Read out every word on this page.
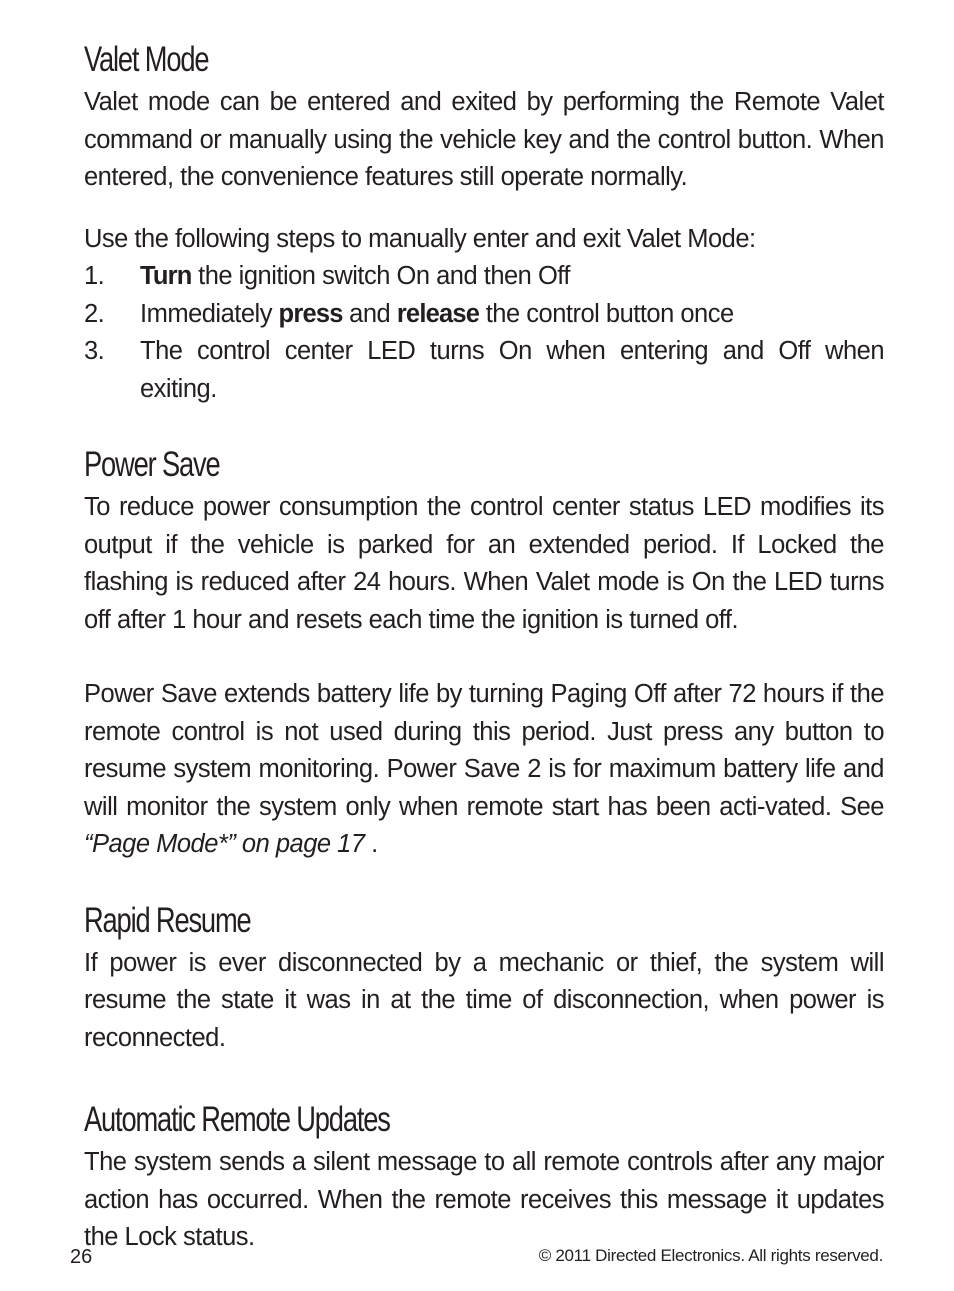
Valet Mode

Valet mode can be entered and exited by performing the Remote Valet command or manually using the vehicle key and the control button. When entered, the convenience features still operate normally.

Use the following steps to manually enter and exit Valet Mode:

1. Turn the ignition switch On and then Off
2. Immediately press and release the control button once
3. The control center LED turns On when entering and Off when exiting.
Power Save

To reduce power consumption the control center status LED modifies its output if the vehicle is parked for an extended period. If Locked the flashing is reduced after 24 hours. When Valet mode is On the LED turns off after 1 hour and resets each time the ignition is turned off.

Power Save extends battery life by turning Paging Off after 72 hours if the remote control is not used during this period. Just press any button to resume system monitoring. Power Save 2 is for maximum battery life and will monitor the system only when remote start has been acti-vated. See “Page Mode*” on page 17 .

Rapid Resume

If power is ever disconnected by a mechanic or thief, the system will resume the state it was in at the time of disconnection, when power is reconnected.

Automatic Remote Updates

The system sends a silent message to all remote controls after any major action has occurred. When the remote receives this message it updates the Lock status.

26	© 2011 Directed Electronics. All rights reserved.
